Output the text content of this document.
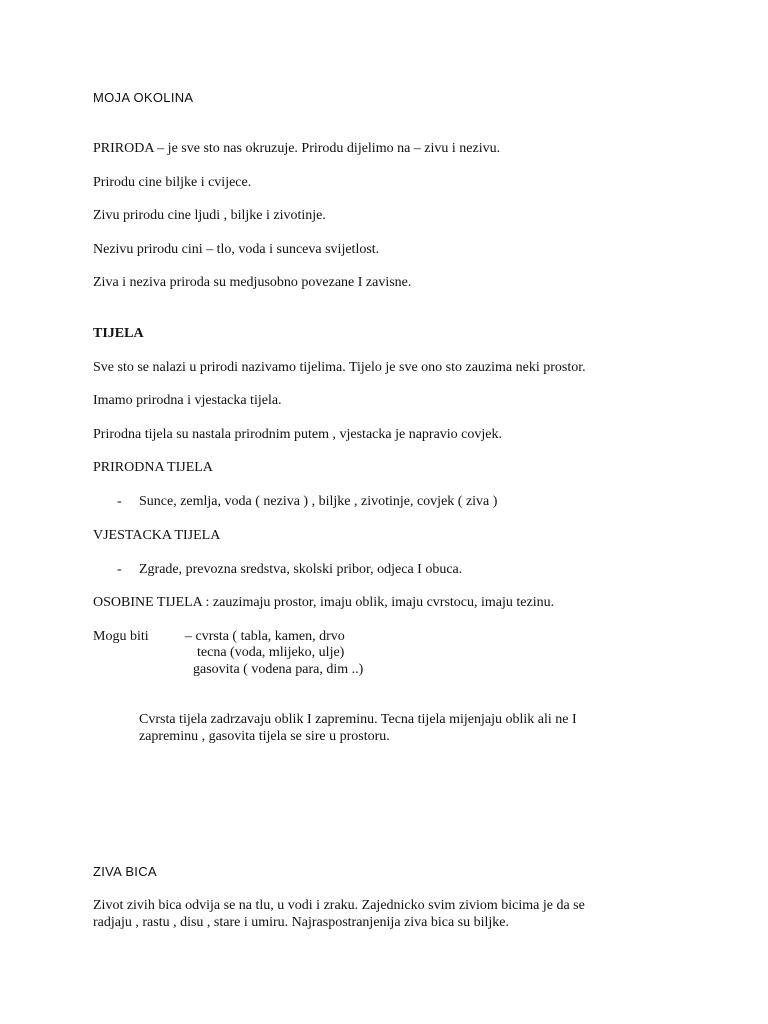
MOJA OKOLINA
PRIRODA – je sve sto nas okruzuje. Prirodu dijelimo na – zivu i nezivu.
Prirodu cine biljke i cvijece.
Zivu prirodu cine ljudi , biljke i zivotinje.
Nezivu prirodu cini – tlo, voda i sunceva svijetlost.
Ziva i neziva priroda su medjusobno povezane I zavisne.
TIJELA
Sve sto se nalazi u prirodi nazivamo tijelima. Tijelo je sve ono sto zauzima neki prostor.
Imamo prirodna i vjestacka tijela.
Prirodna tijela su nastala prirodnim putem , vjestacka je napravio covjek.
PRIRODNA TIJELA
- Sunce, zemlja, voda ( neziva ) , biljke , zivotinje, covjek ( ziva )
VJESTACKA TIJELA
- Zgrade, prevozna sredstva, skolski pribor, odjeca I obuca.
OSOBINE TIJELA : zauzimaju prostor, imaju oblik, imaju cvrstocu, imaju tezinu.
Mogu biti	– cvrsta ( tabla, kamen, drvo
tecna (voda, mlijeko, ulje)
gasovita ( vodena para, dim ..)
Cvrsta tijela zadrzavaju oblik I zapreminu. Tecna tijela mijenjaju oblik ali ne I
zapreminu , gasovita tijela se sire u prostoru.
ZIVA BICA
Zivot zivih bica odvija se na tlu, u vodi i zraku. Zajednicko svim ziviom bicima je da se
radjaju , rastu , disu , stare i umiru. Najraspostranjenija ziva bica su biljke.
